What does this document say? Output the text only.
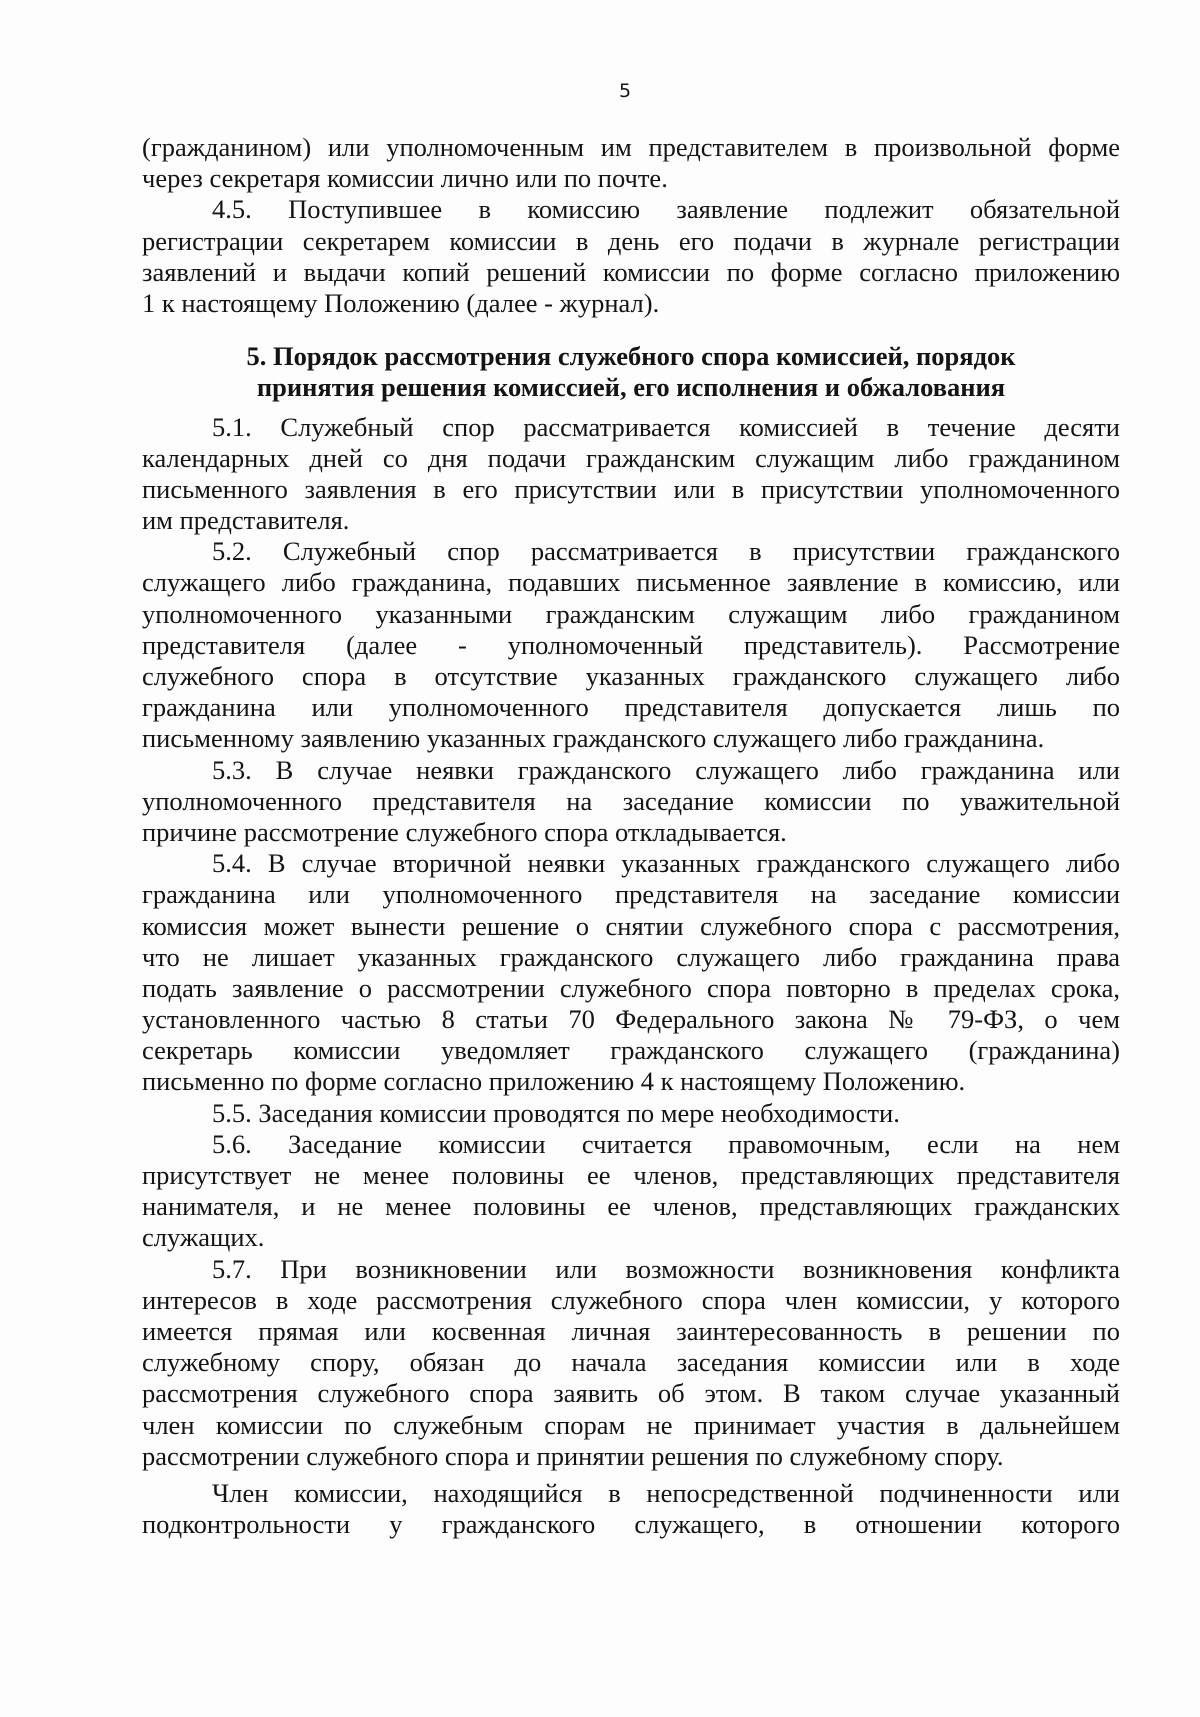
5
(гражданином) или уполномоченным им представителем в произвольной форме
через секретаря комиссии лично или по почте.
4.5. Поступившее в комиссию заявление подлежит обязательной
регистрации секретарем комиссии в день его подачи в журнале регистрации
заявлений и выдачи копий решений комиссии по форме согласно приложению
1 к настоящему Положению (далее - журнал).
5. Порядок рассмотрения служебного спора комиссией, порядок
принятия решения комиссией, его исполнения и обжалования
5.1. Служебный спор рассматривается комиссией в течение десяти
календарных дней со дня подачи гражданским служащим либо гражданином
письменного заявления в его присутствии или в присутствии уполномоченного
им представителя.
5.2. Служебный спор рассматривается в присутствии гражданского
служащего либо гражданина, подавших письменное заявление в комиссию, или
уполномоченного указанными гражданским служащим либо гражданином
представителя (далее - уполномоченный представитель). Рассмотрение
служебного спора в отсутствие указанных гражданского служащего либо
гражданина или уполномоченного представителя допускается лишь по
письменному заявлению указанных гражданского служащего либо гражданина.
5.3. В случае неявки гражданского служащего либо гражданина или
уполномоченного представителя на заседание комиссии по уважительной
причине рассмотрение служебного спора откладывается.
5.4. В случае вторичной неявки указанных гражданского служащего либо
гражданина или уполномоченного представителя на заседание комиссии
комиссия может вынести решение о снятии служебного спора с рассмотрения,
что не лишает указанных гражданского служащего либо гражданина права
подать заявление о рассмотрении служебного спора повторно в пределах срока,
установленного частью 8 статьи 70 Федерального закона № 79-ФЗ, о чем
секретарь комиссии уведомляет гражданского служащего (гражданина)
письменно по форме согласно приложению 4 к настоящему Положению.
5.5. Заседания комиссии проводятся по мере необходимости.
5.6. Заседание комиссии считается правомочным, если на нем
присутствует не менее половины ее членов, представляющих представителя
нанимателя, и не менее половины ее членов, представляющих гражданских
служащих.
5.7. При возникновении или возможности возникновения конфликта
интересов в ходе рассмотрения служебного спора член комиссии, у которого
имеется прямая или косвенная личная заинтересованность в решении по
служебному спору, обязан до начала заседания комиссии или в ходе
рассмотрения служебного спора заявить об этом. В таком случае указанный
член комиссии по служебным спорам не принимает участия в дальнейшем
рассмотрении служебного спора и принятии решения по служебному спору.
Член комиссии, находящийся в непосредственной подчиненности или
подконтрольности у гражданского служащего, в отношении которого
